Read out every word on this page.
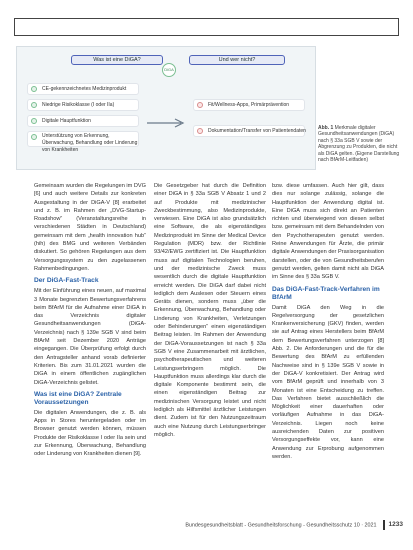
Was ist eine DiGA?
DiGA
Und wer nicht?
CE-gekennzeichnetes Medizinprodukt
Niedrige Risikoklasse (I oder IIa)
Digitale Hauptfunktion
Unterstützung von Erkennung, Überwachung, Behandlung oder Linderung von Krankheiten
Fit/Wellness-Apps, Primärprävention
Dokumentation/Transfer von Patientendaten Abb. 1 Merkmale digitaler Gesundheitsanwendungen (DiGA) nach § 33a SGB V sowie der Abgrenzung zu Produkten, die nicht als DiGA gelten. (Eigene Darstellung nach BfArM-Leitfaden)

Gemeinsam wurden die Regelungen im DVG [6] und auch weitere Details zur konkreten Ausgestaltung in der DiGA-V [8] erarbeitet und z. B. im Rahmen der „DVG-Startup-Roadshow“ (Veranstaltungsreihe in verschiedenen Städten in Deutschland) gemeinsam mit dem „health innovation hub“ (hih) des BMG und weiteren Verbänden diskutiert. So gehören Regelungen aus dem Versorgungssystem zu den zugelassenen Rahmenbedingungen.

Der DiGA-Fast-Track

Mit der Einführung eines neuen, auf maximal 3 Monate begrenzten Bewertungsverfahrens beim BfArM für die Aufnahme einer DiGA in das Verzeichnis digitaler Gesundheitsanwendungen (DiGA-Verzeichnis) nach § 139e SGB V sind beim BfArM seit Dezember 2020 Anträge eingegangen. Die Überprüfung erfolgt durch den Antragsteller anhand vorab definierter Kriterien. Bis zum 31.01.2021 wurden die DiGA in einem öffentlichen zugänglichen DiGA-Verzeichnis gelistet.

Was ist eine DiGA? Zentrale Voraussetzungen

Die digitalen Anwendungen, die z. B. als Apps in Stores heruntergeladen oder im Browser genutzt werden können, müssen Produkte der Risikoklasse I oder IIa sein und zur Erkennung, Überwachung, Behandlung oder Linderung von Krankheiten dienen [9].

Die Gesetzgeber hat durch die Definition einer DiGA in § 33a SGB V Absatz 1 und 2 auf Produkte mit medizinischer Zweckbestimmung, also Medizinprodukte, verwiesen. Eine DiGA ist also grundsätzlich eine Software, die als eigenständiges Medizinprodukt im Sinne der Medical Device Regulation (MDR) bzw. der Richtlinie 93/42/EWG zertifiziert ist. Die Hauptfunktion muss auf digitalen Technologien beruhen, und der medizinische Zweck muss wesentlich durch die digitale Hauptfunktion erreicht werden. Die DiGA darf dabei nicht lediglich dem Auslesen oder Steuern eines Geräts dienen, sondern muss „über die Erkennung, Überwachung, Behandlung oder Linderung von Krankheiten, Verletzungen oder Behinderungen“ einen eigenständigen Beitrag leisten. Im Rahmen der Anwendung der DiGA-Voraussetzungen ist nach § 33a SGB V eine Zusammenarbeit mit ärztlichen, psychotherapeutischen und weiteren Leistungserbringern möglich. Die Hauptfunktion muss allerdings klar durch die digitale Komponente bestimmt sein, die einen eigenständigen Beitrag zur medizinischen Versorgung leistet und nicht lediglich als Hilfsmittel ärztlicher Leistungen dient. Zudem ist für den Nutzungszeitraum auch eine Nutzung durch Leistungserbringer möglich.

bzw. diese umfassen. Auch hier gilt, dass dies nur solange zulässig, solange die Hauptfunktion der Anwendung digital ist. Eine DiGA muss sich direkt an Patienten richten und überwiegend von diesen selbst bzw. gemeinsam mit dem Behandelnden von den Psychotherapeuten genutzt werden. Reine Anwendungen für Ärzte, die primär digitale Anwendungen der Praxisorganisation darstellen, oder die von Gesundheitsberufen genutzt werden, gelten damit nicht als DiGA im Sinne des § 33a SGB V.

Das DiGA-Fast-Track-Verfahren im BfArM

Damit DiGA den Weg in die Regelversorgung der gesetzlichen Krankenversicherung (GKV) finden, werden sie auf Antrag eines Herstellers beim BfArM dem Bewertungsverfahren unterzogen [8] Abb. 2. Die Anforderungen und die für die Bewertung des BfArM zu erfüllenden Nachweise sind in § 139e SGB V sowie in der DiGA-V konkretisiert. Der Antrag wird vom BfArM geprüft und innerhalb von 3 Monaten ist eine Entscheidung zu treffen. Das Verfahren bietet ausschließlich die Möglichkeit einer dauerhaften oder vorläufigen Aufnahme in das DiGA-Verzeichnis. Liegen noch keine ausreichenden Daten zur positiven Versorgungseffekte vor, kann eine Anwendung zur Erprobung aufgenommen werden.

Bundesgesundheitsblatt - Gesundheitsforschung - Gesundheitsschutz 10 · 2021 1233
